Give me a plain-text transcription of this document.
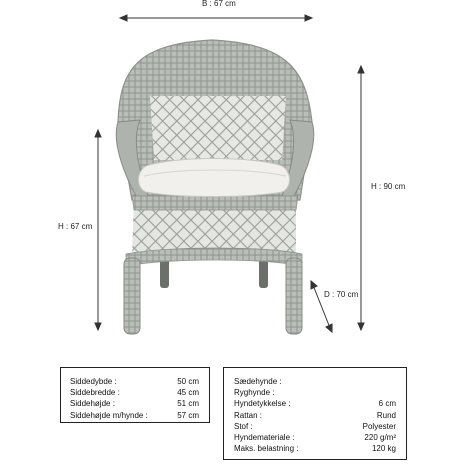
B : 67 cm
H : 67 cm
H : 90 cm
D : 70 cm
Siddedybde :	50 cm
Siddebredde :	45 cm
Siddehøjde :	51 cm
Siddehøjde m/hynde :	57 cm
Sædehynde :
Ryghynde :
Hyndetykkelse :	6 cm
Rattan :	Rund
Stof :	Polyester
Hyndemateriale :	220 g/m²
Maks. belastning :	120 kg
